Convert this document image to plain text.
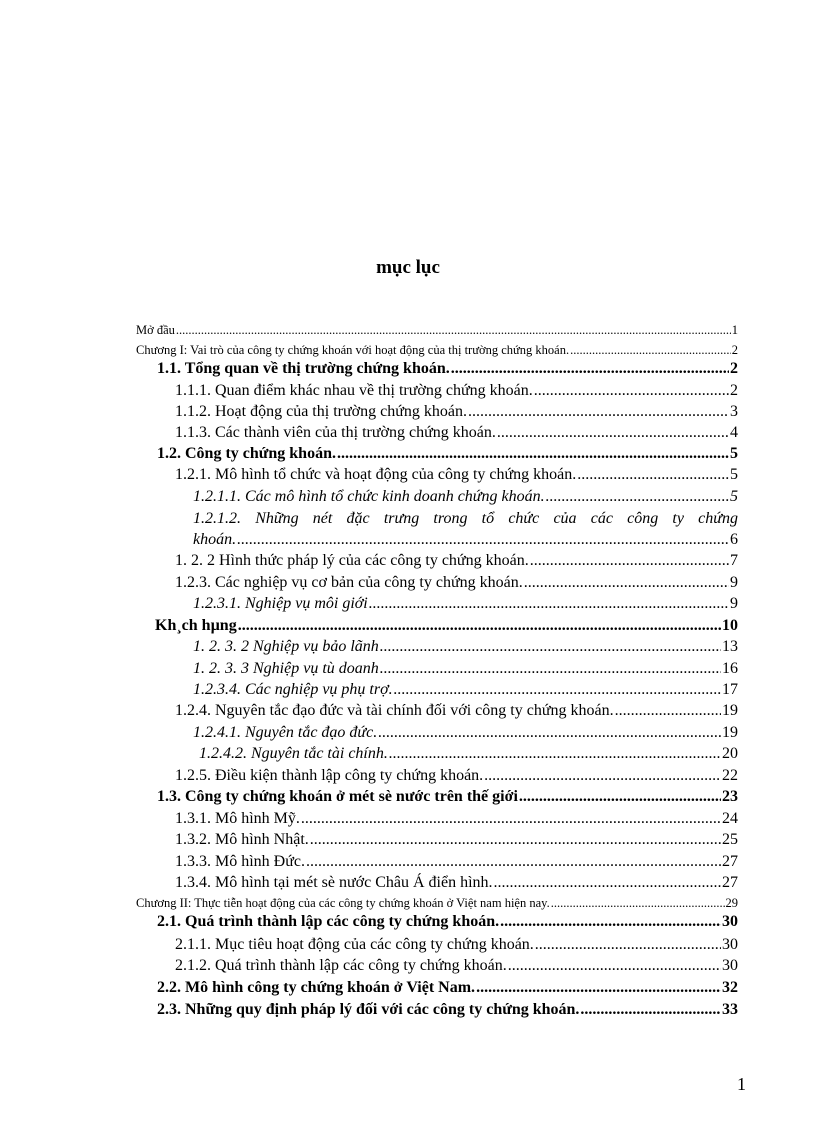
mục lục
Mở đầu .....	1
Chương I: Vai trò của công ty chứng khoán với hoạt động của thị trường chứng khoán. .....	2
1.1. Tổng quan về thị trường chứng khoán. .....	2
1.1.1. Quan điểm khác nhau về thị trường chứng khoán. .....	2
1.1.2. Hoạt động của thị trường chứng khoán. .....	3
1.1.3. Các thành viên của thị trường chứng khoán. .....	4
1.2. Công ty chứng khoán. .....	5
1.2.1. Mô hình tổ chức và hoạt động của công ty chứng khoán. .....	5
1.2.1.1. Các mô hình tổ chức kinh doanh chứng khoán. .....	5
1.2.1.2. Những nét đặc trưng trong tổ chức của các công ty chứng
khoán. .....	6
1. 2. 2 Hình thức pháp lý của các công ty chứng khoán. .....	7
1.2.3. Các nghiệp vụ cơ bản của công ty chứng khoán. .....	9
1.2.3.1. Nghiệp vụ môi giới .....	9
Kh¸ch hµng .....	10
1. 2. 3. 2 Nghiệp vụ bảo lãnh .....	13
1. 2. 3. 3 Nghiệp vụ tù doanh .....	16
1.2.3.4. Các nghiệp vụ phụ trợ. .....	17
1.2.4. Nguyên tắc đạo đức và tài chính đối với công ty chứng khoán. .....	19
1.2.4.1. Nguyên tắc đạo đức. .....	19
1.2.4.2. Nguyên tắc tài chính. .....	20
1.2.5. Điều kiện thành lập công ty chứng khoán. .....	22
1.3. Công ty chứng khoán ở mét sè nước trên thế giới .....	23
1.3.1. Mô hình Mỹ. .....	24
1.3.2. Mô hình Nhật. .....	25
1.3.3. Mô hình Đức. .....	27
1.3.4. Mô hình tại mét sè nước Châu Á điển hình. .....	27
Chương II: Thực tiễn hoạt động của các công ty chứng khoán ở Việt nam hiện nay. .....	29
2.1. Quá trình thành lập các công ty chứng khoán. .....	30
2.1.1. Mục tiêu hoạt động của các công ty chứng khoán. .....	30
2.1.2. Quá trình thành lập các công ty chứng khoán. .....	30
2.2. Mô hình công ty chứng khoán ở Việt Nam. .....	32
2.3. Những quy định pháp lý đối với các công ty chứng khoán. .....	33
1
